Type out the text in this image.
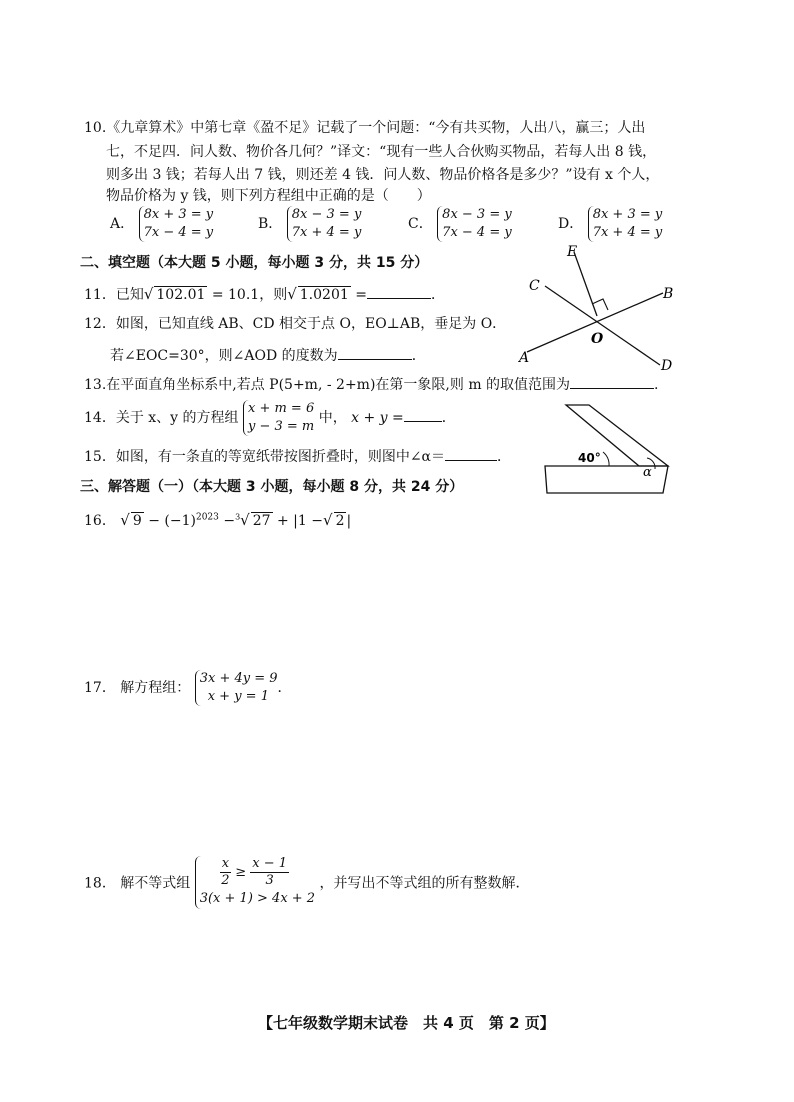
10.《九章算术》中第七章《盈不足》记载了一个问题：“今有共买物，人出八，赢三；人出
七，不足四．问人数、物价各几何？”译文：“现有一些人合伙购买物品，若每人出 8 钱，
则多出 3 钱；若每人出 7 钱，则还差 4 钱．问人数、物品价格各是多少？”设有 x 个人，
物品价格为 y 钱，则下列方程组中正确的是（　　）
A．
8x + 3 = y
7x − 4 = y
B．
8x − 3 = y
7x + 4 = y
C．
8x − 3 = y
7x − 4 = y
D．
8x + 3 = y
7x + 4 = y
二、填空题（本大题 5 小题，每小题 3 分，共 15 分）
11．已知√ 102.01 = 10.1，则√ 1.0201 =	．
12．如图，已知直线 AB、CD 相交于点 O，EO⊥AB，垂足为 O．
若∠EOC=30°，则∠AOD 的度数为	．	A
B
C
D
E
O
13.在平面直角坐标系中,若点 P(5+m, - 2+m)在第一象限,则 m 的取值范围为	.
14．关于 x、y 的方程组
x + m = 6
y − 3 = m
中， x + y =	．
15．如图，有一条直的等宽纸带按图折叠时，则图中∠α＝	．	40°
α
三、解答题（一）（本大题 3 小题，每小题 8 分，共 24 分）
16． √ $9 - (-1)^{2023} -^3√$ 27 + |1 −√ 2 |
17． 解方程组：
3x + 4y = 9
x + y = 1
．
18． 解不等式组 $\frac{x}{2} \ge \frac{x - 1}{3}$
3(x + 1) > 4x + 2
，并写出不等式组的所有整数解．
【七年级数学期末试卷　共 4 页　第 2 页】
